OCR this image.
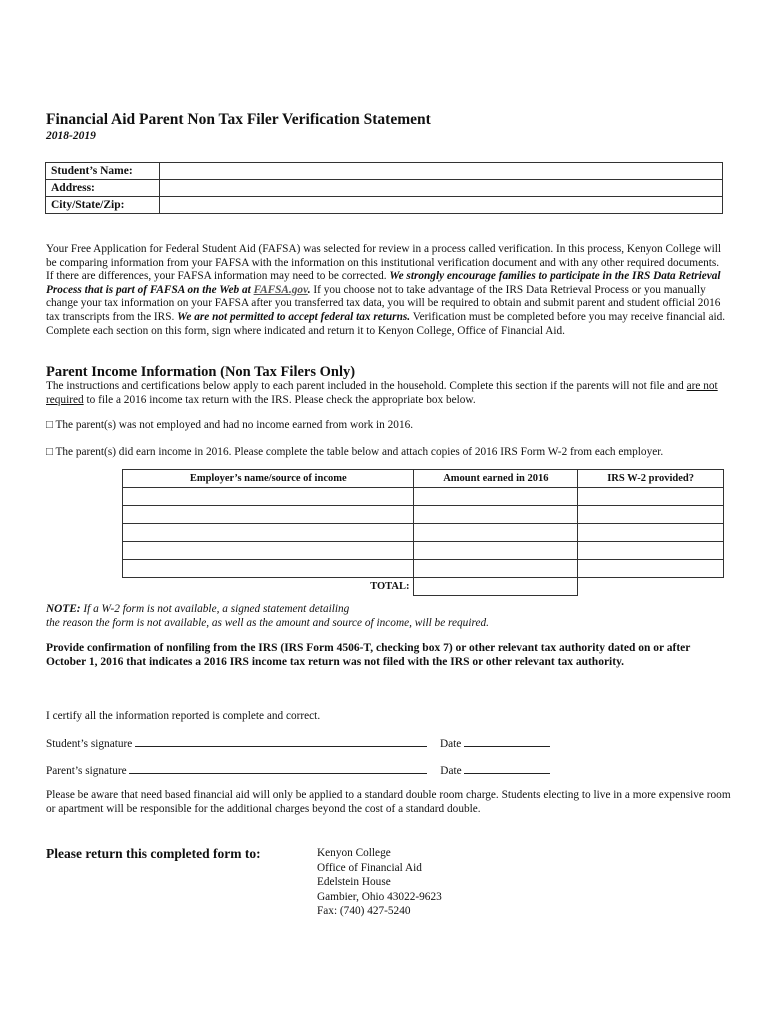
Financial Aid Parent Non Tax Filer Verification Statement
2018-2019
Student’s Name:	
Address:	
City/State/Zip:	
Your Free Application for Federal Student Aid (FAFSA) was selected for review in a process called verification. In this process, Kenyon College will be comparing information from your FAFSA with the information on this institutional verification document and with any other required documents. If there are differences, your FAFSA information may need to be corrected. We strongly encourage families to participate in the IRS Data Retrieval Process that is part of FAFSA on the Web at FAFSA.gov. If you choose not to take advantage of the IRS Data Retrieval Process or you manually change your tax information on your FAFSA after you transferred tax data, you will be required to obtain and submit parent and student official 2016 tax transcripts from the IRS. We are not permitted to accept federal tax returns. Verification must be completed before you may receive financial aid. Complete each section on this form, sign where indicated and return it to Kenyon College, Office of Financial Aid.
Parent Income Information (Non Tax Filers Only)
The instructions and certifications below apply to each parent included in the household. Complete this section if the parents will not file and are not required to file a 2016 income tax return with the IRS. Please check the appropriate box below.
□ The parent(s) was not employed and had no income earned from work in 2016.
□ The parent(s) did earn income in 2016. Please complete the table below and attach copies of 2016 IRS Form W-2 from each employer.
Employer’s name/source of income	Amount earned in 2016	IRS W-2 provided?

TOTAL:		
NOTE: If a W-2 form is not available, a signed statement detailing
the reason the form is not available, as well as the amount and source of income, will be required.
Provide confirmation of nonfiling from the IRS (IRS Form 4506-T, checking box 7) or other relevant tax authority dated on or after October 1, 2016 that indicates a 2016 IRS income tax return was not filed with the IRS or other relevant tax authority.
I certify all the information reported is complete and correct.
Student’s signature	Date
Parent’s signature	Date
Please be aware that need based financial aid will only be applied to a standard double room charge. Students electing to live in a more expensive room or apartment will be responsible for the additional charges beyond the cost of a standard double.
Please return this completed form to:	Kenyon College
Office of Financial Aid
Edelstein House
Gambier, Ohio 43022-9623
Fax: (740) 427-5240
